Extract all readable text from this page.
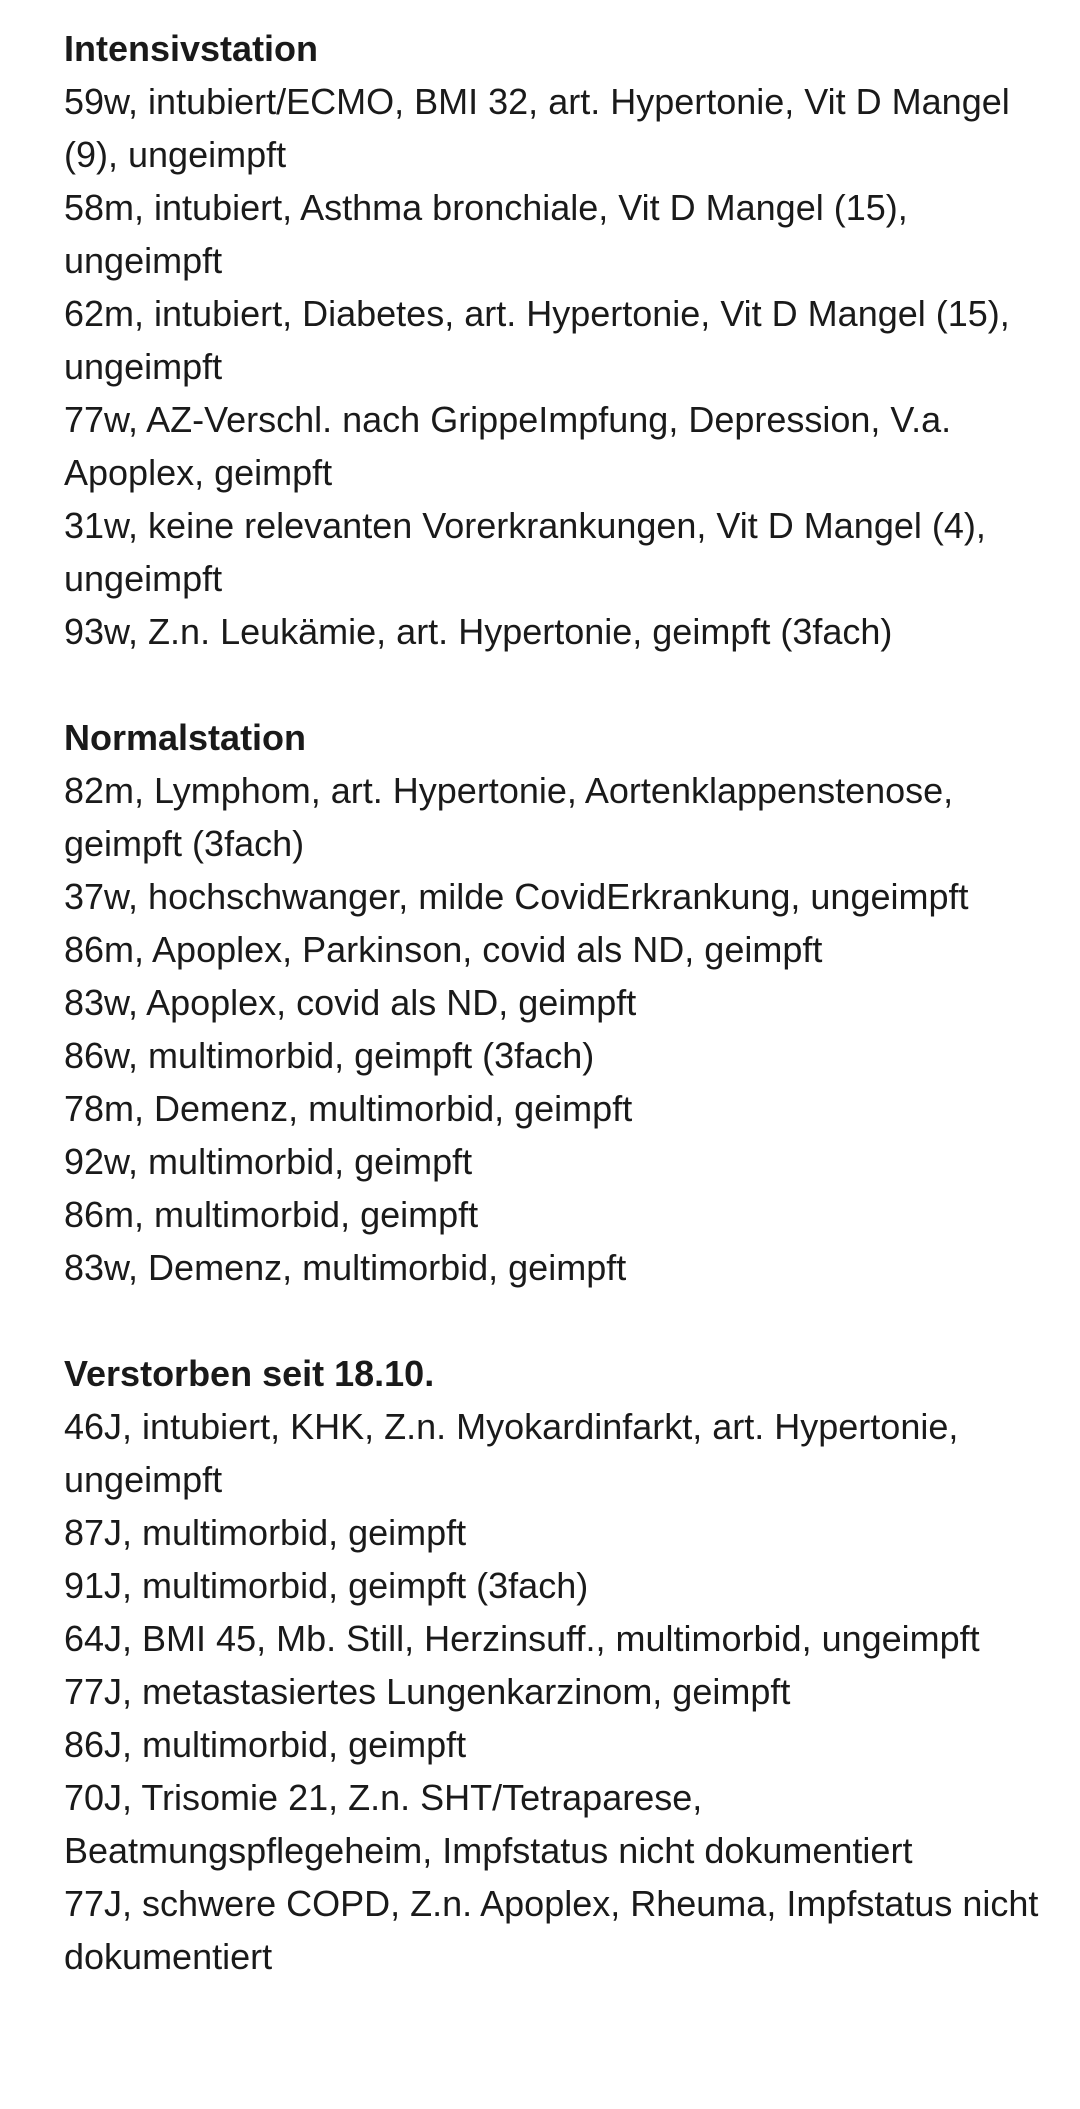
Intensivstation
59w, intubiert/ECMO, BMI 32, art. Hypertonie, Vit D Mangel (9), ungeimpft
58m, intubiert, Asthma bronchiale, Vit D Mangel (15), ungeimpft
62m, intubiert, Diabetes, art. Hypertonie, Vit D Mangel (15), ungeimpft
77w, AZ-Verschl. nach GrippeImpfung, Depression, V.a. Apoplex, geimpft
31w, keine relevanten Vorerkrankungen, Vit D Mangel (4), ungeimpft
93w, Z.n. Leukämie, art. Hypertonie, geimpft (3fach)
Normalstation
82m, Lymphom, art. Hypertonie, Aortenklappenstenose, geimpft (3fach)
37w, hochschwanger, milde CovidErkrankung, ungeimpft
86m, Apoplex, Parkinson, covid als ND, geimpft
83w, Apoplex, covid als ND, geimpft
86w, multimorbid, geimpft (3fach)
78m, Demenz, multimorbid, geimpft
92w, multimorbid, geimpft
86m, multimorbid, geimpft
83w, Demenz, multimorbid, geimpft
Verstorben seit 18.10.
46J, intubiert, KHK, Z.n. Myokardinfarkt, art. Hypertonie, ungeimpft
87J, multimorbid, geimpft
91J, multimorbid, geimpft (3fach)
64J, BMI 45, Mb. Still, Herzinsuff., multimorbid, ungeimpft
77J, metastasiertes Lungenkarzinom, geimpft
86J, multimorbid, geimpft
70J, Trisomie 21, Z.n. SHT/Tetraparese, Beatmungspflegeheim, Impfstatus nicht dokumentiert
77J, schwere COPD, Z.n. Apoplex, Rheuma, Impfstatus nicht dokumentiert
